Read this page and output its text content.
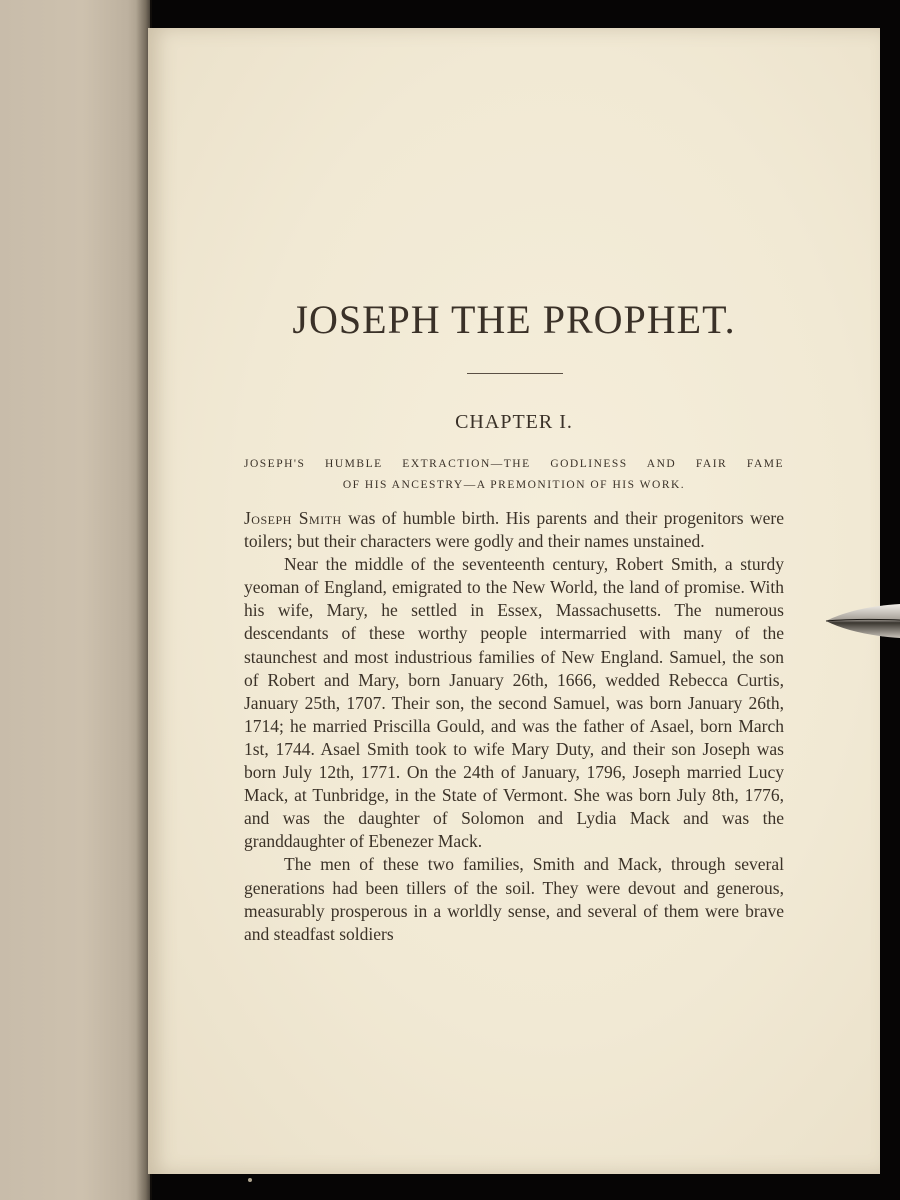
JOSEPH THE PROPHET.
CHAPTER I.
JOSEPH'S HUMBLE EXTRACTION—THE GODLINESS AND FAIR FAME
OF HIS ANCESTRY—A PREMONITION OF HIS WORK.

Joseph Smith was of humble birth. His parents and their progenitors were toilers; but their characters were godly and their names unstained.

Near the middle of the seventeenth century, Robert Smith, a sturdy yeoman of England, emigrated to the New World, the land of promise. With his wife, Mary, he settled in Essex, Massachusetts. The numerous descendants of these worthy people intermarried with many of the staunchest and most industrious families of New England. Samuel, the son of Robert and Mary, born January 26th, 1666, wedded Rebecca Curtis, January 25th, 1707. Their son, the second Samuel, was born January 26th, 1714; he married Priscilla Gould, and was the father of Asael, born March 1st, 1744. Asael Smith took to wife Mary Duty, and their son Joseph was born July 12th, 1771. On the 24th of January, 1796, Joseph married Lucy Mack, at Tunbridge, in the State of Vermont. She was born July 8th, 1776, and was the daughter of Solomon and Lydia Mack and was the granddaughter of Ebenezer Mack.

The men of these two families, Smith and Mack, through several generations had been tillers of the soil. They were devout and generous, measurably prosperous in a worldly sense, and several of them were brave and steadfast soldiers
